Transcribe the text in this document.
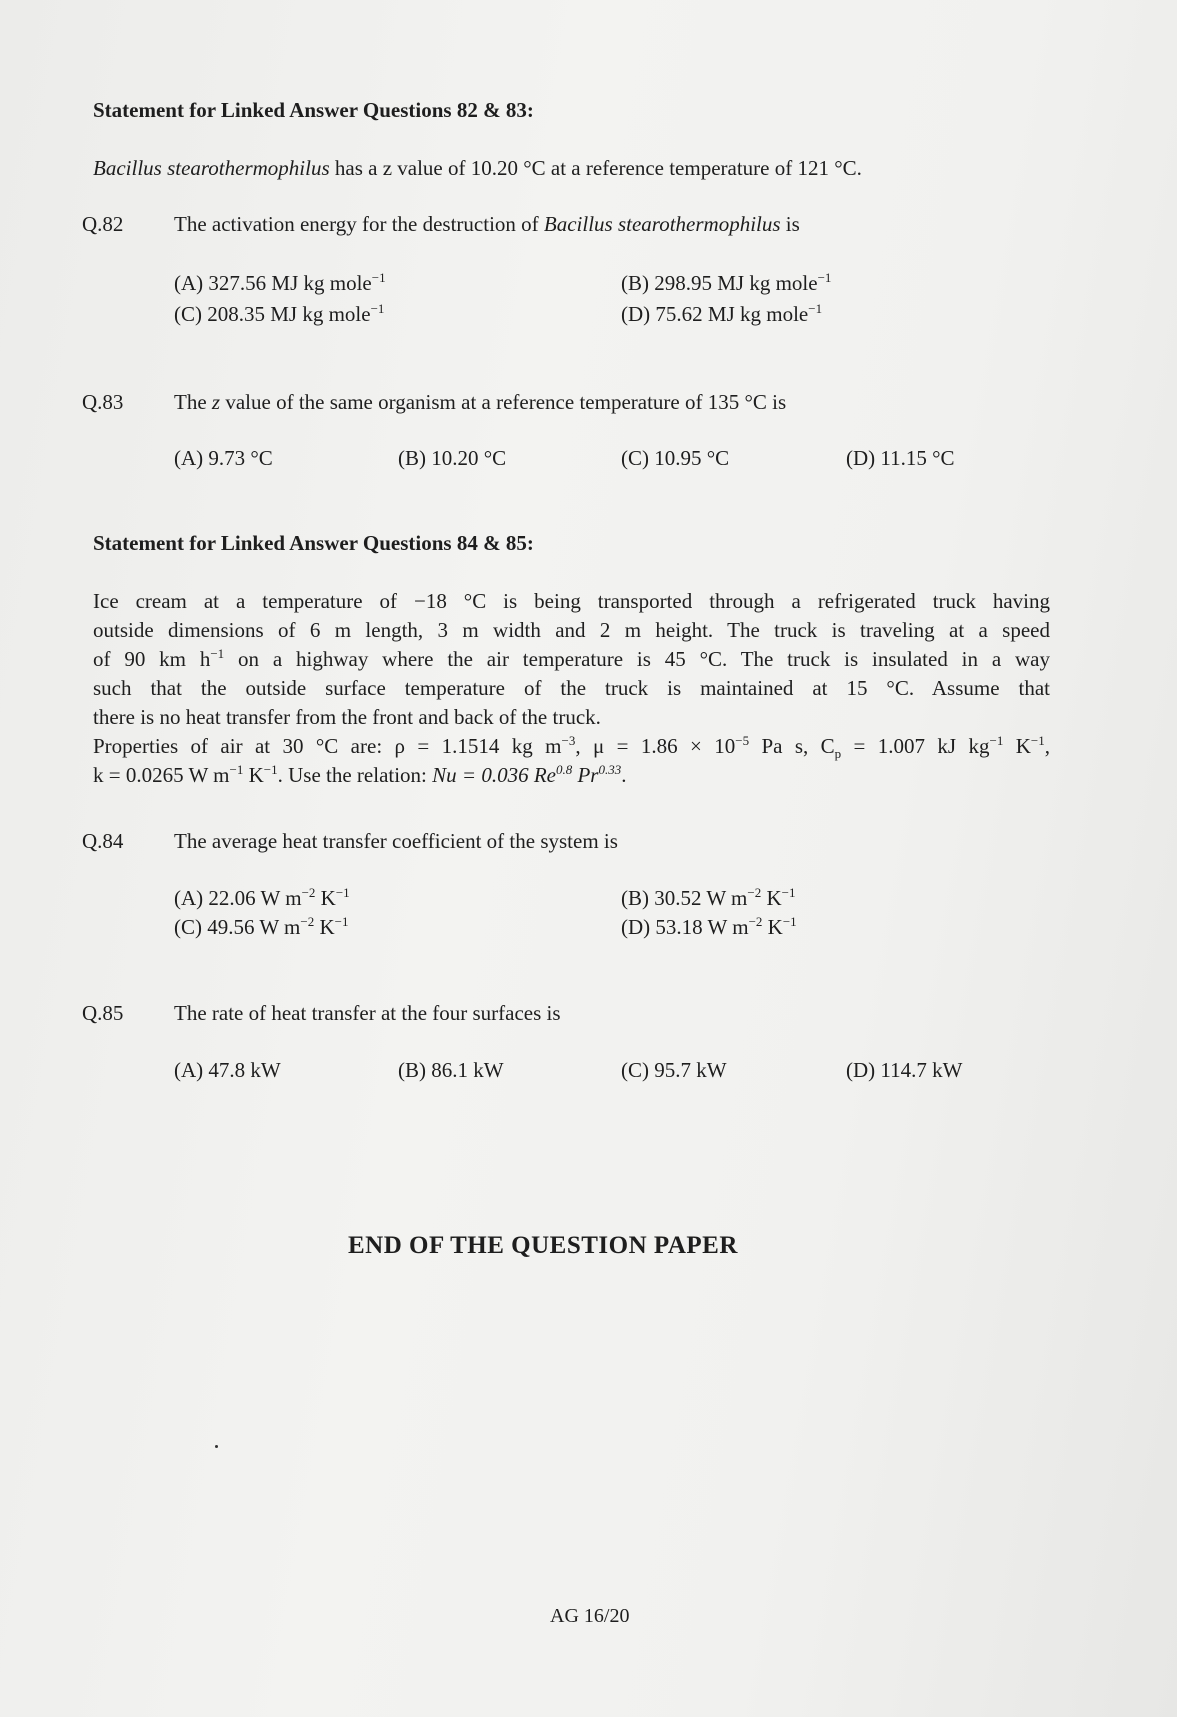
Statement for Linked Answer Questions 82 & 83:
Bacillus stearothermophilus has a z value of 10.20 °C at a reference temperature of 121 °C.
Q.82 The activation energy for the destruction of Bacillus stearothermophilus is
(A) 327.56 MJ kg mole$^{-1}$	(B) 298.95 MJ kg mole$^{-1}$
(C) 208.35 MJ kg mole$^{-1}$	(D) 75.62 MJ kg mole$^{-1}$
Q.83 The z value of the same organism at a reference temperature of 135 °C is
(A) 9.73 °C	(B) 10.20 °C	(C) 10.95 °C	(D) 11.15 °C
Statement for Linked Answer Questions 84 & 85:
Ice cream at a temperature of −18 °C is being transported through a refrigerated truck having
outside dimensions of 6 m length, 3 m width and 2 m height. The truck is traveling at a speed
of 90 km $h^{-1}$ on a highway where the air temperature is 45 °C. The truck is insulated in a way
such that the outside surface temperature of the truck is maintained at 15 °C. Assume that
there is no heat transfer from the front and back of the truck.
Properties of air at 30 °C are: ρ = 1.1514 kg $m^{-3}$, $\mu = 1.86 \times 10^{-5}$ Pa s, $C_p = 1.007$ kJ $kg^{-1}$ $K^{-1}$,
k = 0.0265 W $m^{-1}$ $K^{-1}$. Use the relation: Nu = 0.036 $Re^{0.8}$ $Pr^{0.33}$.
Q.84 The average heat transfer coefficient of the system is
(A) 22.06 W $m^{-2}$ $K^{-1}$	(B) 30.52 W $m^{-2}$ $K^{-1}$
(C) 49.56 W $m^{-2}$ $K^{-1}$	(D) 53.18 W $m^{-2}$ $K^{-1}$
Q.85 The rate of heat transfer at the four surfaces is
(A) 47.8 kW	(B) 86.1 kW	(C) 95.7 kW	(D) 114.7 kW
END OF THE QUESTION PAPER
AG 16/20
